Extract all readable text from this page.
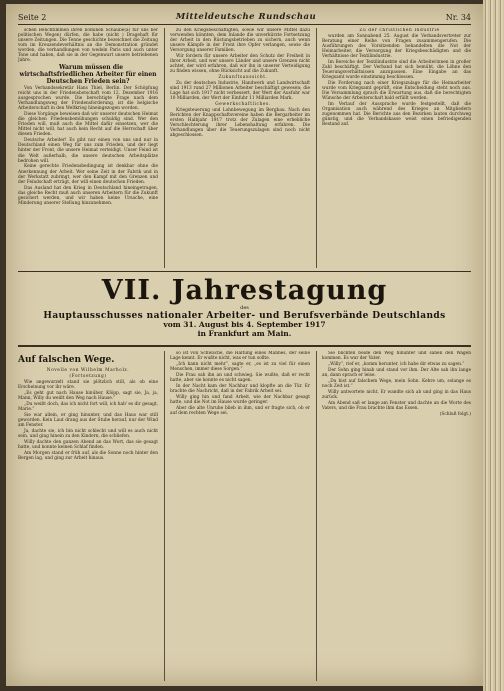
Seite 2	Mitteldeutsche Rundschau	Nr. 34

schen Benchtimmen ihren nominen Schaube(a) für uns ber politischen Wegen) dürfen, die habe (nicht ) Dragehaft für unsere Zeitungen. Die Tenne geschichte bezeichnet die Zeitung vom im Kreuzendeverhältnis an die Demonstration gründet worden, die verhandlungen von wedeln Paris und auch unter Tone und haben, daß sie in der Gegenwart unsere betriebenen Jahre.

Warum müssen die wirtschaftsfriedlichen Arbeiter für einen Deutschen Frieden sein?

Von Verbandssekretär Hans Thiel, Berlin. Der Schöpfung reicht uns in der Friedensbotschaft vom 12. Dezember 1916 ausgesprochen wurde. Die berechtigte Frage nach dem Verhandlungsweg der Friedensforderung, ist die belgische Arbeiterschaft in den Weltkrieg hineingezogen worden.

Diese Vorgänge beweisen daß wir unserer deutschen Heimat die gleichen Friedensbemühungen schuldig sind. Wer den Frieden will, muß auch die Mittel dafür einsetzen, wer die Mittel nicht will, hat auch kein Recht auf die Herrschaft über diesen Frieden.

Deutsche Arbeiter! Es gibt nur einen von uns und nur in Deutschland einen Weg für uns zum Frieden, und der liegt hinter der Front, die unsere Heimat verteidigt. Unser Feind ist die Welt außerhalb, die unsere deutschen Arbeitsplätze bedrohen will.

Keine gerechte Friedensbedingung ist denkbar ohne die Anerkennung der Arbeit. Wer seine Zeit in der Fabrik und in der Werkstatt zubringt, wer den Kampf mit den Grenzen und der Feindschaft erträgt, der will einen deutschen Frieden.

Das Ausland hat den Krieg in Deutschland hineingetragen, das gleiche Recht muß auch unseren Arbeitern für die Zukunft gesichert werden, und wir haben keine Ursache, eine Minderung unserer Stellung hinzunehmen.

zu den Kriegsbeschäftigten, sowie wir unsere Mittel dazu verwenden könnten, dem Inlande die unverkürzte Fortsetzung der Arbeit in den Rüstungsbetrieben zu sichern, auch wenn unsere Kämpfe in der Front ihre Opfer verlangen, sowie die Versorgung unserer Familien.

Wir fordern für unsere Arbeiter den Schutz der Freiheit in ihrer Arbeit, und wer unsere Länder und unsere Grenzen nicht achtet, der wird erfahren, daß wir ihn in unserer Verteidigung zu finden wissen, ohne Rücksicht auf die Zukunft.

Zukunftsaussicht.

Zu der deutschen Industrie, Handwerk und Landwirtschaft sind 1913 rund 27 Millionen Arbeiter beschäftigt gewesen; die Lage hat sich 1917 nicht verbessert, der Wert der Ausfuhr war 10 Milliarden, der Wert der Einfuhr 11 Milliarden Mark.

Gewerkschaftliches.

Kriegsteuerung und Lohnbewegung im Bergbau. Nach den Berichten der Knappschaftsvereine haben die Bergarbeiter im ersten Halbjahr 1917 trotz der Zulagen eine erhebliche Verschlechterung ihrer Lebenshaltung erfahren. Die Verhandlungen über die Teuerungszulagen sind noch nicht abgeschlossen.

Zu der christlichen Industrie

wurden am Sonnabend 25. August die Verbandsvertreter zur Beratung einer Reihe von Fragen zusammengerufen. Die Ausführungen des Vorsitzenden behandelten die Not der Heimarbeiter, die Versorgung der Kriegsbeschädigten und die Verhältnisse der Textilindustrie.

Im Bereiche der Textilindustrie sind die Arbeiterinnen in großer Zahl beschäftigt. Der Verband hat sich bemüht, die Löhne den Teuerungsverhältnissen anzupassen. Eine Eingabe an das Kriegsamt wurde einstimmig beschlossen.

Die Forderung nach einer Kriegszulage für die Heimarbeiter wurde vom Kriegsamt geprüft, eine Entscheidung steht noch aus. Die Versammlung sprach die Erwartung aus, daß die berechtigten Wünsche der Arbeiterschaft bald erfüllt werden.

Im Verlauf der Aussprache wurde festgestellt, daß die Organisation auch während des Krieges an Mitgliedern zugenommen hat. Die Berichte aus den Bezirken lauten durchweg günstig, und die Verbandskasse weist einen befriedigenden Bestand auf.

VII. Jahrestagung
des
Hauptausschusses nationaler Arbeiter- und Berufsverbände Deutschlands
vom 31. August bis 4. September 1917
in Frankfurt am Main.
Auf falschen Wege.
Novelle von Wilhelm Marholz.
(Fortsetzung)

Wie angewurzelt stand sie plötzlich still, als ob eine Erscheinung vor ihr wäre.

„Es geht gut nach Hause hinüber, Klöpp, sagt sie, Ja, ja, Mann, Willy du weißt den Weg nach Hause.“

„Du weißt doch, das ich nicht fort will, ich hab' es dir gesagt, Marie.“

Sie war allein, er ging hinunter, und das Haus war still geworden. Kein Laut drang aus der Stube herauf, nur der Wind am Fenster.

Ja, dachte sie, ich bin nicht schlecht und will es auch nicht sein, und ging hinein zu den Kindern, die schliefen.

Willy dachte den ganzen Abend an das Wort, das sie gesagt hatte, und konnte keinen Schlaf finden.

Am Morgen stand er früh auf, als die Sonne noch hinter den Bergen lag, und ging zur Arbeit hinaus.

so ist von Schwäche, die Haltung eines Mannes, der seine Lage kennt. Er wußte nicht, was er tun sollte.

„Ich kann nicht mehr“, sagte er, „es ist zu viel für einen Menschen, immer diese Sorgen.“

Die Frau sah ihn an und schwieg. Sie wußte, daß er recht hatte, aber sie konnte es nicht sagen.

In der Nacht kam der Nachbar und klopfte an die Tür. Er brachte die Nachricht, daß in der Fabrik Arbeit sei.

Willy ging hin und fand Arbeit, wie der Nachbar gesagt hatte, und die Not im Hause wurde geringer.

Aber die alte Unruhe blieb in ihm, und er fragte sich, ob er auf dem rechten Wege sei.

Sie blickten beide den Weg hinunter und sahen den Wagen kommen. Es war der Vater.

„Willy“, rief er, „komm herunter, ich habe dir etwas zu sagen.“

Der Sohn ging hinab und stand vor ihm. Der Alte sah ihn lange an, dann sprach er leise.

„Du bist auf falschem Wege, mein Sohn. Kehre um, solange es noch Zeit ist.“

Willy antwortete nicht. Er wandte sich ab und ging in das Haus zurück.

Am Abend saß er lange am Fenster und dachte an die Worte des Vaters, und die Frau brachte ihm das Essen.

(Schluß folgt.)
